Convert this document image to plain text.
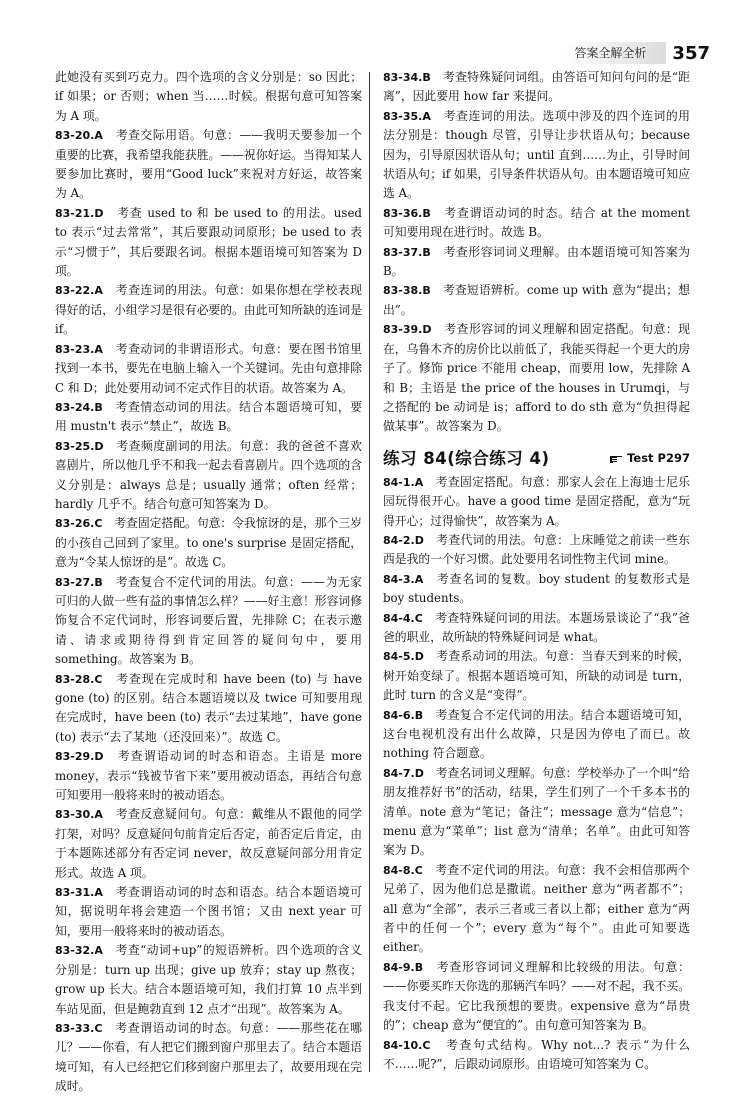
答案全解全析	357

此她没有买到巧克力。四个选项的含义分别是：so 因此；if 如果；or 否则；when 当……时候。根据句意可知答案为 A 项。

83-20.A　 考查交际用语。句意：——我明天要参加一个重要的比赛，我希望我能获胜。——祝你好运。当得知某人要参加比赛时，要用“Good luck”来祝对方好运，故答案为 A。

83-21.D　 考查 used to 和 be used to 的用法。used to 表示“过去常常”，其后要跟动词原形；be used to 表示“习惯于”，其后要跟名词。根据本题语境可知答案为 D 项。

83-22.A　 考查连词的用法。句意：如果你想在学校表现得好的话，小组学习是很有必要的。由此可知所缺的连词是 if。

83-23.A　 考查动词的非谓语形式。句意：要在图书馆里找到一本书，要先在电脑上输入一个关键词。先由句意排除 C 和 D；此处要用动词不定式作目的状语。故答案为 A。

83-24.B　 考查情态动词的用法。结合本题语境可知，要用 mustn't 表示“禁止”，故选 B。

83-25.D　 考查频度副词的用法。句意：我的爸爸不喜欢喜剧片，所以他几乎不和我一起去看喜剧片。四个选项的含义分别是：always 总是；usually 通常；often 经常；hardly 几乎不。结合句意可知答案为 D。

83-26.C　 考查固定搭配。句意：令我惊讶的是，那个三岁的小孩自己回到了家里。to one's surprise 是固定搭配，意为“令某人惊讶的是”。故选 C。

83-27.B　 考查复合不定代词的用法。句意：——为无家可归的人做一些有益的事情怎么样？——好主意！形容词修饰复合不定代词时，形容词要后置，先排除 C；在表示邀请、请求或期待得到肯定回答的疑问句中，要用 something。故答案为 B。

83-28.C　 考查现在完成时和 have been (to) 与 have gone (to) 的区别。结合本题语境以及 twice 可知要用现在完成时，have been (to) 表示“去过某地”，have gone (to) 表示“去了某地（还没回来）”。故选 C。

83-29.D　 考查谓语动词的时态和语态。主语是 more money，表示“钱被节省下来”要用被动语态，再结合句意可知要用一般将来时的被动语态。

83-30.A　 考查反意疑问句。句意：戴维从不跟他的同学打架，对吗？反意疑问句前肯定后否定，前否定后肯定，由于本题陈述部分有否定词 never，故反意疑问部分用肯定形式。故选 A 项。

83-31.A　 考查谓语动词的时态和语态。结合本题语境可知，据说明年将会建造一个图书馆；又由 next year 可知，要用一般将来时的被动语态。

83-32.A　 考查“动词+up”的短语辨析。四个选项的含义分别是：turn up 出现；give up 放弃；stay up 熬夜；grow up 长大。结合本题语境可知，我们打算 10 点半到车站见面，但是鲍勃直到 12 点才“出现”。故答案为 A。

83-33.C　 考查谓语动词的时态。句意：——那些花在哪儿？——你看，有人把它们搬到窗户那里去了。结合本题语境可知，有人已经把它们移到窗户那里去了，故要用现在完成时。

83-34.B　 考查特殊疑问词组。由答语可知问句问的是“距离”，因此要用 how far 来提问。

83-35.A　 考查连词的用法。选项中涉及的四个连词的用法分别是：though 尽管，引导让步状语从句；because 因为，引导原因状语从句；until 直到……为止，引导时间状语从句；if 如果，引导条件状语从句。由本题语境可知应选 A。

83-36.B　 考查谓语动词的时态。结合 at the moment 可知要用现在进行时。故选 B。

83-37.B　 考查形容词词义理解。由本题语境可知答案为 B。

83-38.B　 考查短语辨析。come up with 意为“提出；想出”。

83-39.D　 考查形容词的词义理解和固定搭配。句意：现在，乌鲁木齐的房价比以前低了，我能买得起一个更大的房子了。修饰 price 不能用 cheap，而要用 low，先排除 A 和 B；主语是 the price of the houses in Urumqi，与之搭配的 be 动词是 is；afford to do sth 意为“负担得起做某事”。故答案为 D。

练习 84(综合练习 4)	Test P297

84-1.A　 考查固定搭配。句意：那家人会在上海迪士尼乐园玩得很开心。have a good time 是固定搭配，意为“玩得开心；过得愉快”，故答案为 A。

84-2.D　 考查代词的用法。句意：上床睡觉之前读一些东西是我的一个好习惯。此处要用名词性物主代词 mine。

84-3.A　 考查名词的复数。boy student 的复数形式是 boy students。

84-4.C　 考查特殊疑问词的用法。本题场景谈论了“我”爸爸的职业，故所缺的特殊疑问词是 what。

84-5.D　 考查系动词的用法。句意：当春天到来的时候，树开始变绿了。根据本题语境可知，所缺的动词是 turn，此时 turn 的含义是“变得”。

84-6.B　 考查复合不定代词的用法。结合本题语境可知，这台电视机没有出什么故障，只是因为停电了而已。故 nothing 符合题意。

84-7.D　 考查名词词义理解。句意：学校举办了一个叫“给朋友推荐好书”的活动，结果，学生们列了一个千多本书的清单。note 意为“笔记；备注”；message 意为“信息”；menu 意为“菜单”；list 意为“清单；名单”。由此可知答案为 D。

84-8.C　 考查不定代词的用法。句意：我不会相信那两个兄弟了，因为他们总是撒谎。neither 意为“两者都不”；all 意为“全部”，表示三者或三者以上都；either 意为“两者中的任何一个”；every 意为“每个”。由此可知要选 either。

84-9.B　 考查形容词词义理解和比较级的用法。句意：——你要买昨天你选的那辆汽车吗？——对不起，我不买。我支付不起。它比我预想的要贵。expensive 意为“昂贵的”；cheap 意为“便宜的”。由句意可知答案为 B。

84-10.C　 考查句式结构。Why not...? 表示“为什么不……呢?”，后跟动词原形。由语境可知答案为 C。
